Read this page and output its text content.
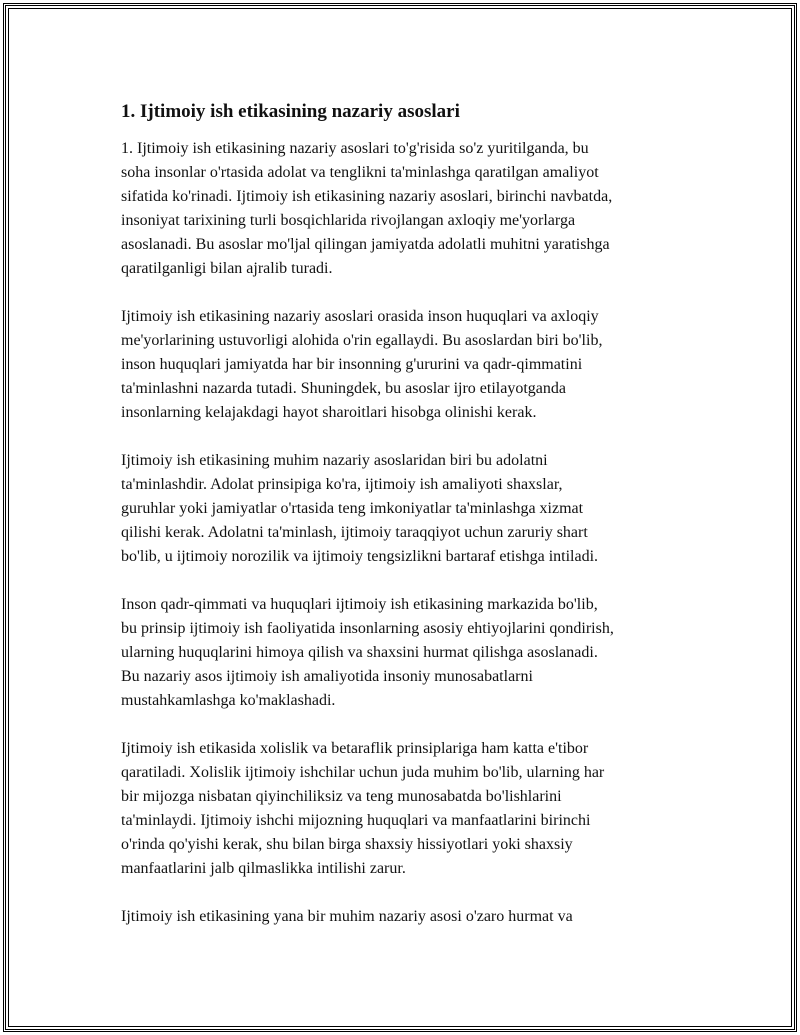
1. Ijtimoiy ish etikasining nazariy asoslari

1. Ijtimoiy ish etikasining nazariy asoslari to'g'risida so'z yuritilganda, bu
soha insonlar o'rtasida adolat va tenglikni ta'minlashga qaratilgan amaliyot
sifatida ko'rinadi. Ijtimoiy ish etikasining nazariy asoslari, birinchi navbatda,
insoniyat tarixining turli bosqichlarida rivojlangan axloqiy me'yorlarga
asoslanadi. Bu asoslar mo'ljal qilingan jamiyatda adolatli muhitni yaratishga
qaratilganligi bilan ajralib turadi.

Ijtimoiy ish etikasining nazariy asoslari orasida inson huquqlari va axloqiy
me'yorlarining ustuvorligi alohida o'rin egallaydi. Bu asoslardan biri bo'lib,
inson huquqlari jamiyatda har bir insonning g'ururini va qadr-qimmatini
ta'minlashni nazarda tutadi. Shuningdek, bu asoslar ijro etilayotganda
insonlarning kelajakdagi hayot sharoitlari hisobga olinishi kerak.

Ijtimoiy ish etikasining muhim nazariy asoslaridan biri bu adolatni
ta'minlashdir. Adolat prinsipiga ko'ra, ijtimoiy ish amaliyoti shaxslar,
guruhlar yoki jamiyatlar o'rtasida teng imkoniyatlar ta'minlashga xizmat
qilishi kerak. Adolatni ta'minlash, ijtimoiy taraqqiyot uchun zaruriy shart
bo'lib, u ijtimoiy norozilik va ijtimoiy tengsizlikni bartaraf etishga intiladi.

Inson qadr-qimmati va huquqlari ijtimoiy ish etikasining markazida bo'lib,
bu prinsip ijtimoiy ish faoliyatida insonlarning asosiy ehtiyojlarini qondirish,
ularning huquqlarini himoya qilish va shaxsini hurmat qilishga asoslanadi.
Bu nazariy asos ijtimoiy ish amaliyotida insoniy munosabatlarni
mustahkamlashga ko'maklashadi.

Ijtimoiy ish etikasida xolislik va betaraflik prinsiplariga ham katta e'tibor
qaratiladi. Xolislik ijtimoiy ishchilar uchun juda muhim bo'lib, ularning har
bir mijozga nisbatan qiyinchiliksiz va teng munosabatda bo'lishlarini
ta'minlaydi. Ijtimoiy ishchi mijozning huquqlari va manfaatlarini birinchi
o'rinda qo'yishi kerak, shu bilan birga shaxsiy hissiyotlari yoki shaxsiy
manfaatlarini jalb qilmaslikka intilishi zarur.

Ijtimoiy ish etikasining yana bir muhim nazariy asosi o'zaro hurmat va
